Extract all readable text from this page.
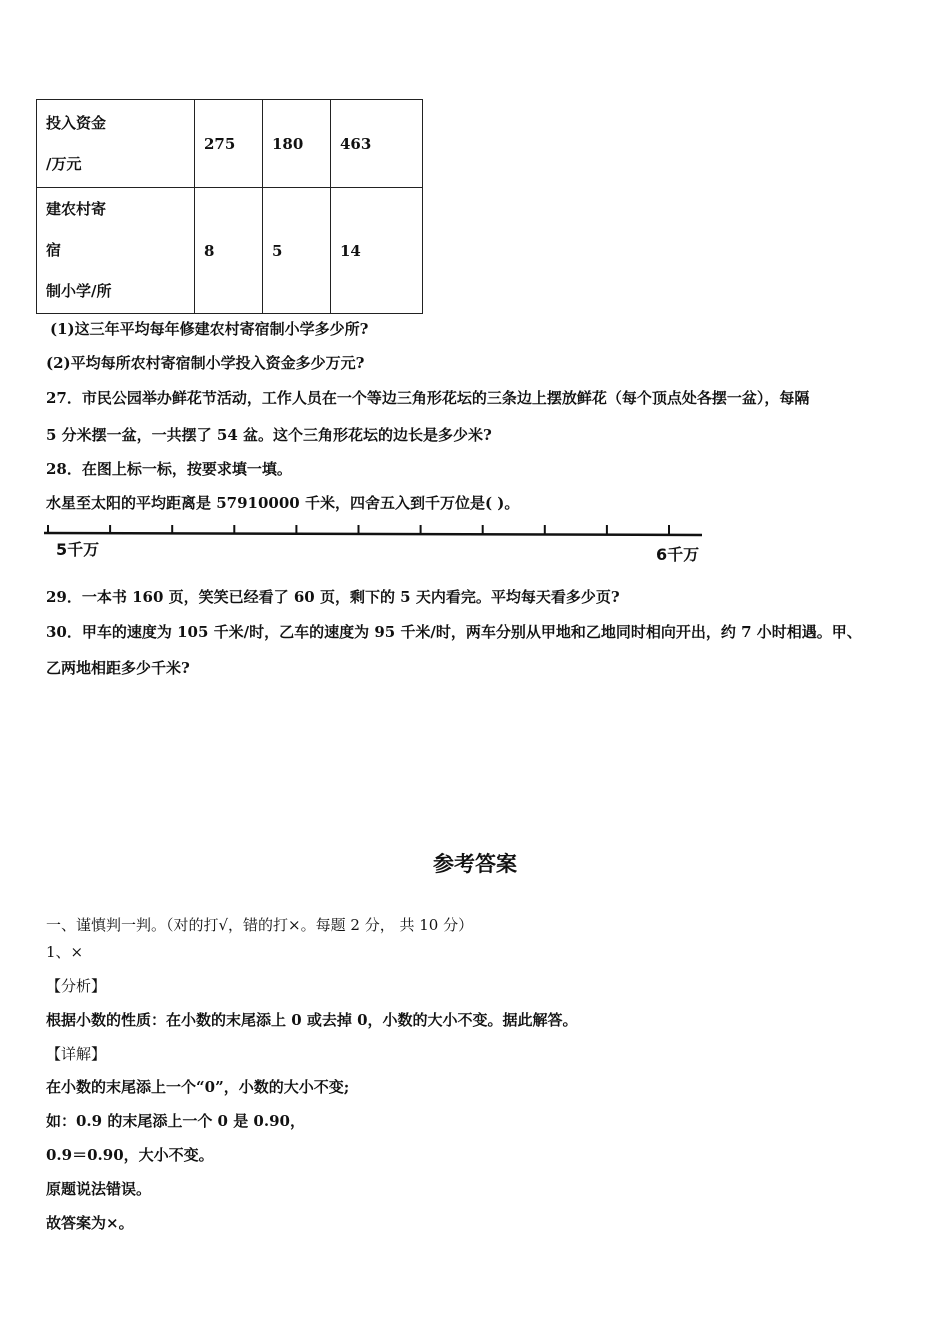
投入资金
/万元	275	180	463

建农村寄
宿
制小学/所	8	5	14
(1)这三年平均每年修建农村寄宿制小学多少所?
(2)平均每所农村寄宿制小学投入资金多少万元?
27．市民公园举办鲜花节活动，工作人员在一个等边三角形花坛的三条边上摆放鲜花（每个顶点处各摆一盆），每隔
5 分米摆一盆，一共摆了 54 盆。这个三角形花坛的边长是多少米?
28．在图上标一标，按要求填一填。
水星至太阳的平均距离是 57910000 千米，四舍五入到千万位是( )。
5千万	6千万
29．一本书 160 页，笑笑已经看了 60 页，剩下的 5 天内看完。平均每天看多少页?
30．甲车的速度为 105 千米/时，乙车的速度为 95 千米/时，两车分别从甲地和乙地同时相向开出，约 7 小时相遇。甲、
乙两地相距多少千米?
参考答案
一、谨慎判一判。（对的打√，错的打×。每题 2 分， 共 10 分）
1、×
【分析】
根据小数的性质：在小数的末尾添上 0 或去掉 0，小数的大小不变。据此解答。
【详解】
在小数的末尾添上一个“0”，小数的大小不变;
如：0.9 的末尾添上一个 0 是 0.90，
0.9＝0.90，大小不变。
原题说法错误。
故答案为×。
